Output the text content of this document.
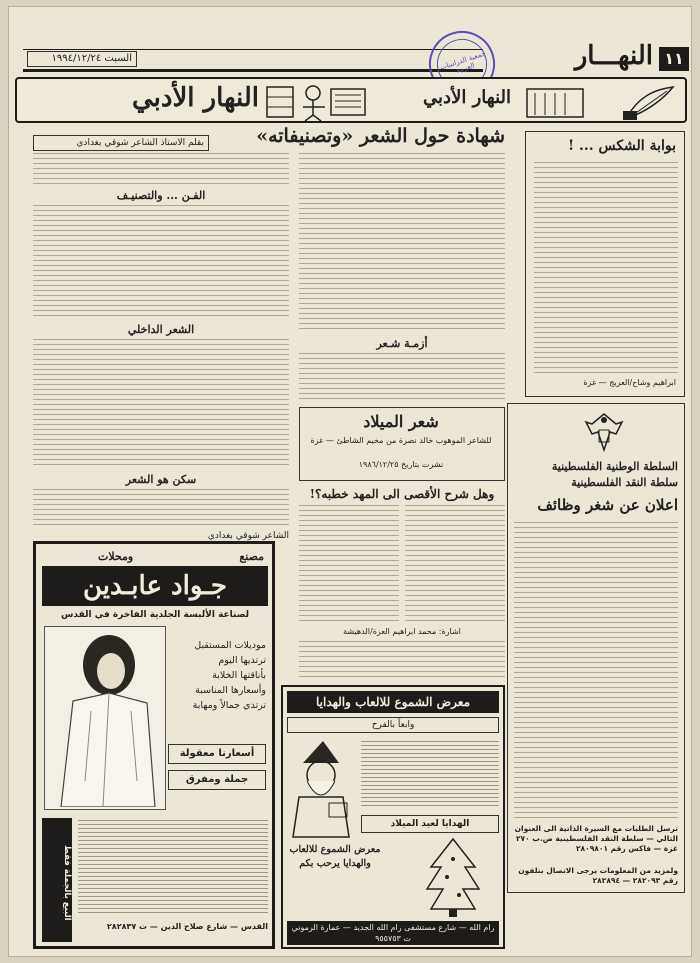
١١
النهـــار
السبت ١٩٩٤/١٢/٢٤	جمعية الدراسات العربية
النهار الأدبي
النهار الأدبي
بوابة الشكس ... !
ابراهيم وشاح/العريج — غزة
شهادة حول الشعر «وتصنيفاته»
بقلم الاستاذ الشاعر شوقي بغدادي
الفـن ... والتصنيـف
الشعر الداخلي
أزمـة شـعر
سكن هو الشعر
الشاعر شوقي بغدادي
شعر الميلاد
للشاعر الموهوب خالد نصرة من مخيم الشاطئ — غزة
نشرت بتاريخ ١٩٨٦/١٢/٢٥
وهل شرح الأقصى الى المهد خطبه؟!
اشارة: محمد ابراهيم العزة/الدهيشة
السلطة الوطنية الفلسطينية
سلطة النقد الفلسطينية
اعلان عن شغر وظائف
ترسل الطلبات مع السيرة الذاتية الى العنوان التالي — سلطة النقد الفلسطينية ص.ب ٢٧٠ غزة — فاكس رقم ٢٨٠٩٨٠١
ولمزيد من المعلومات يرجى الاتصال بتلفون رقم ٢٨٢٠٩٣ — ٢٨٢٨٩٤
مصنع
ومحلات
جـواد عابـدين
لصناعة الألبسة الجلدية الفاخرة في القدس
موديلات المستقبل
ترتديها اليوم
بأناقتها الخلابة
وأسعارها المناسبة
ترتدي جمالاً ومهابة
أسعارنا معقولة
جملة ومفرق
البيع بالجملة فقط
القدس — شارع صلاح الدين — ت ٢٨٢٨٣٧
معرض الشموع للالعاب والهدايا
وابعاً بالفرح
الهدايا لعيد الميلاد
معرض الشموع للالعاب والهدايا يرحب بكم
رام الله — شارع مستشفى رام الله الجديد — عمارة الرموني ت ٩٥٥٧٥٣
